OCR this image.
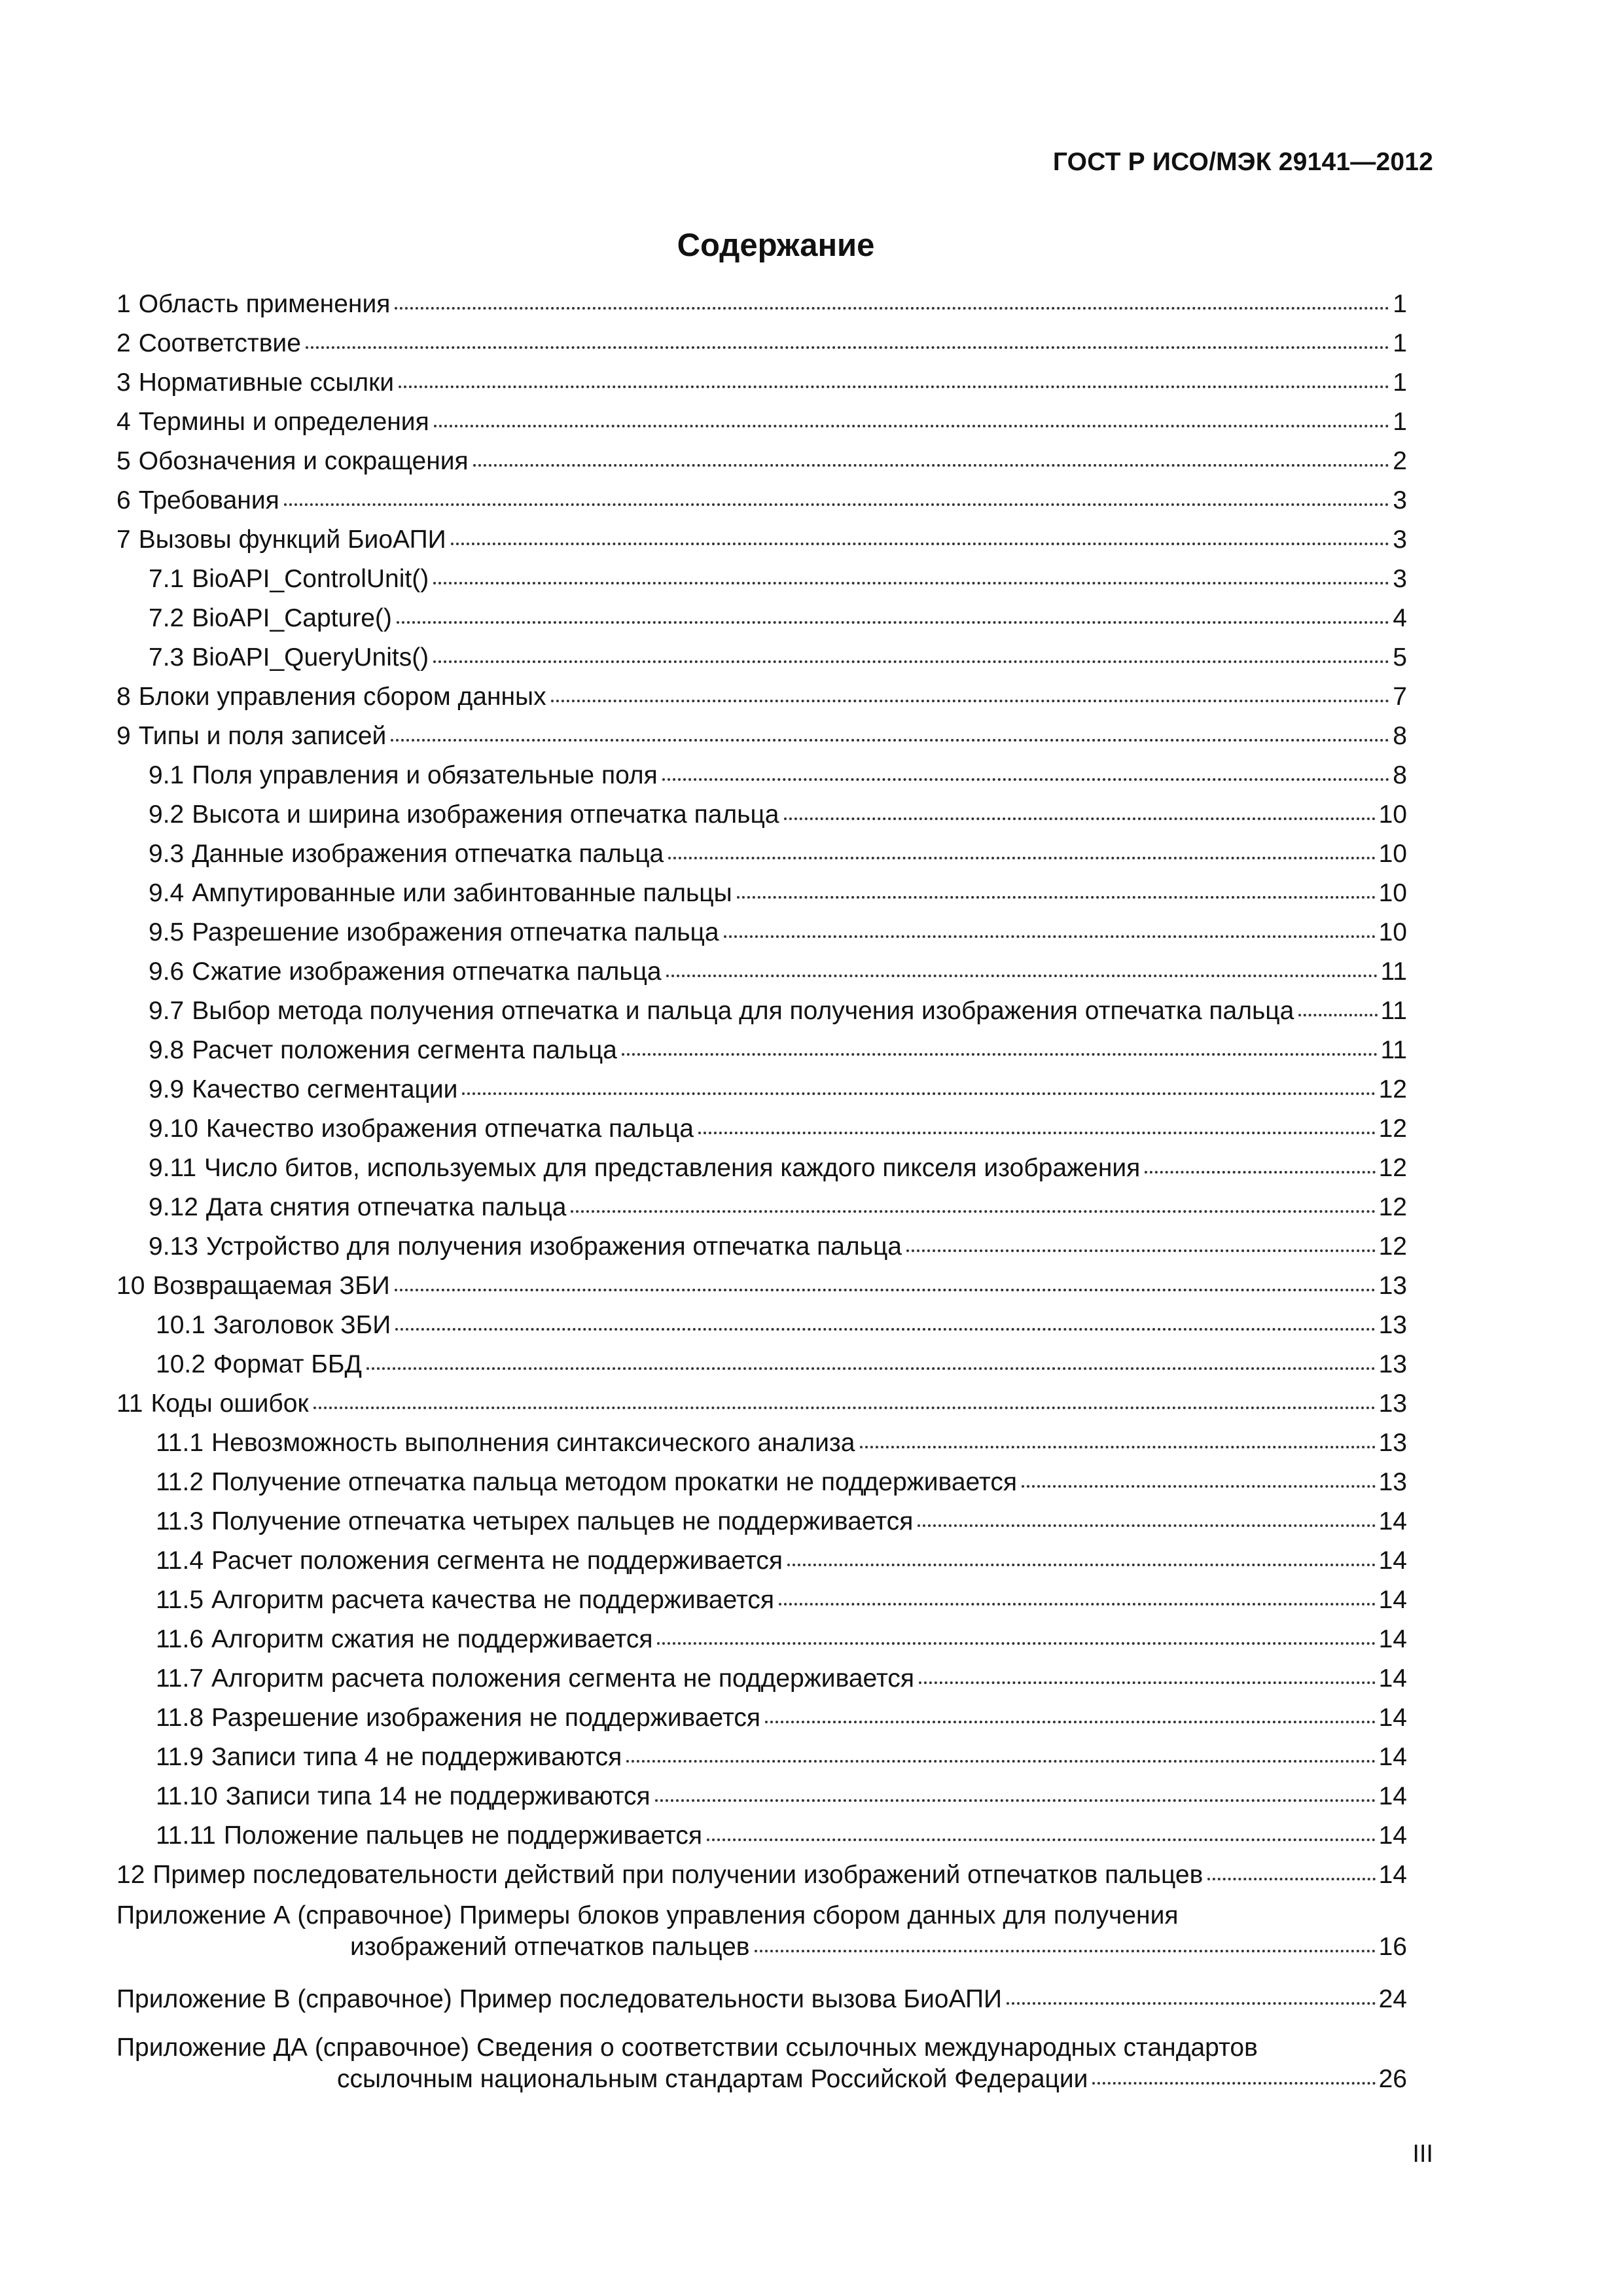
ГОСТ Р ИСО/МЭК 29141—2012
Содержание
1 Область применения	1
2 Соответствие	1
3 Нормативные ссылки	1
4 Термины и определения	1
5 Обозначения и сокращения	2
6 Требования	3
7 Вызовы функций БиоАПИ	3
7.1 BioAPI_ControlUnit()	3
7.2 BioAPI_Capture()	4
7.3 BioAPI_QueryUnits()	5
8 Блоки управления сбором данных	7
9 Типы и поля записей	8
9.1 Поля управления и обязательные поля	8
9.2 Высота и ширина изображения отпечатка пальца	10
9.3 Данные изображения отпечатка пальца	10
9.4 Ампутированные или забинтованные пальцы	10
9.5 Разрешение изображения отпечатка пальца	10
9.6 Сжатие изображения отпечатка пальца	11
9.7 Выбор метода получения отпечатка и пальца для получения изображения отпечатка пальца	11
9.8 Расчет положения сегмента пальца	11
9.9 Качество сегментации	12
9.10 Качество изображения отпечатка пальца	12
9.11 Число битов, используемых для представления каждого пикселя изображения	12
9.12 Дата снятия отпечатка пальца	12
9.13 Устройство для получения изображения отпечатка пальца	12
10 Возвращаемая ЗБИ	13
10.1 Заголовок ЗБИ	13
10.2 Формат ББД	13
11 Коды ошибок	13
11.1 Невозможность выполнения синтаксического анализа	13
11.2 Получение отпечатка пальца методом прокатки не поддерживается	13
11.3 Получение отпечатка четырех пальцев не поддерживается	14
11.4 Расчет положения сегмента не поддерживается	14
11.5 Алгоритм расчета качества не поддерживается	14
11.6 Алгоритм сжатия не поддерживается	14
11.7 Алгоритм расчета положения сегмента не поддерживается	14
11.8 Разрешение изображения не поддерживается	14
11.9 Записи типа 4 не поддерживаются	14
11.10 Записи типа 14 не поддерживаются	14
11.11 Положение пальцев не поддерживается	14
12 Пример последовательности действий при получении изображений отпечатков пальцев	14
Приложение А (справочное) Примеры блоков управления сбором данных для получения
изображений отпечатков пальцев	16
Приложение В (справочное) Пример последовательности вызова БиоАПИ	24
Приложение ДА (справочное) Сведения о соответствии ссылочных международных стандартов
ссылочным национальным стандартам Российской Федерации	26
III
